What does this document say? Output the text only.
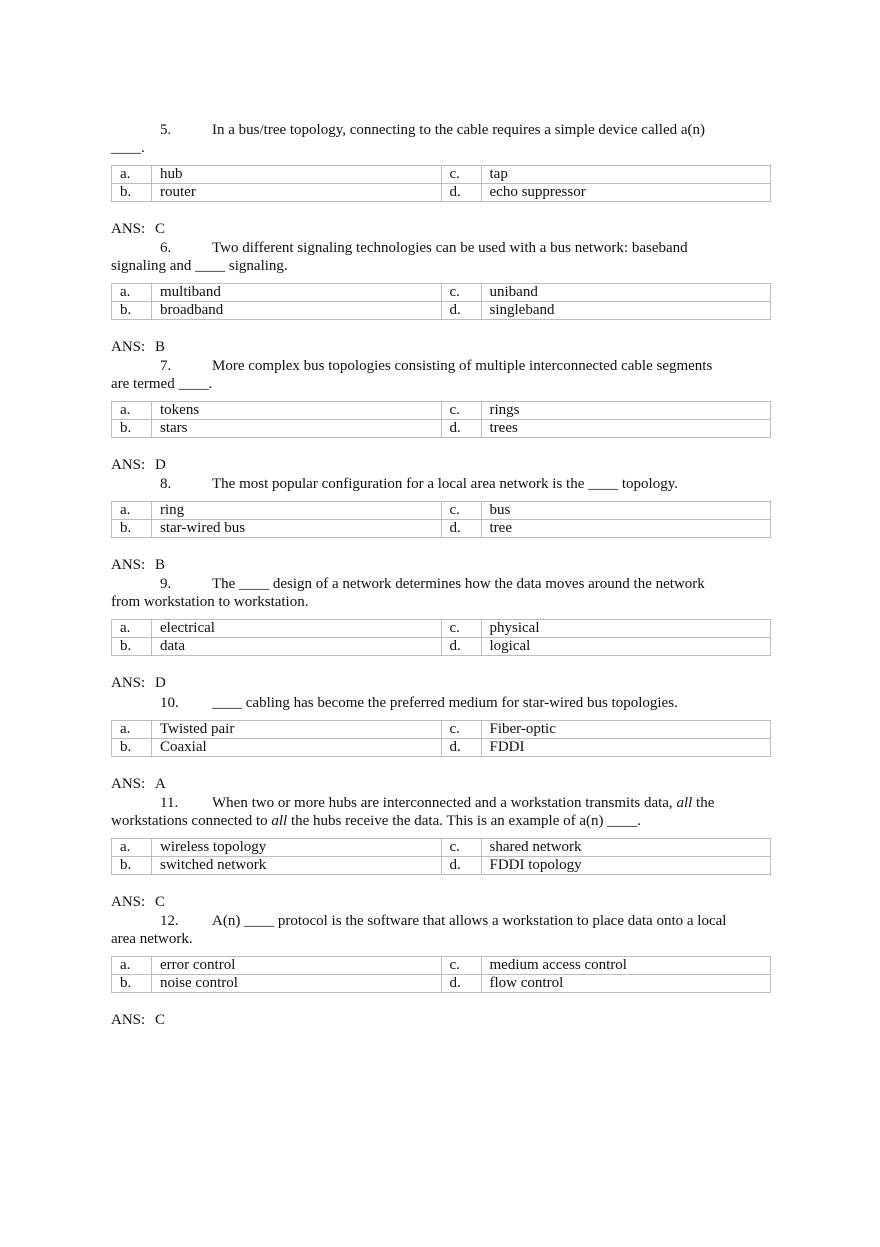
5.	In a bus/tree topology, connecting to the cable requires a simple device called a(n)
____.
a.	hub	c.	tap
b.	router	d.	echo suppressor
ANS: C
6.	Two different signaling technologies can be used with a bus network: baseband
signaling and ____ signaling.
a.	multiband	c.	uniband
b.	broadband	d.	singleband
ANS: B
7.	More complex bus topologies consisting of multiple interconnected cable segments
are termed ____.
a.	tokens	c.	rings
b.	stars	d.	trees
ANS: D
8.	The most popular configuration for a local area network is the ____ topology.
a.	ring	c.	bus
b.	star-wired bus	d.	tree
ANS: B
9.	The ____ design of a network determines how the data moves around the network
from workstation to workstation.
a.	electrical	c.	physical
b.	data	d.	logical
ANS: D
10. ____ cabling has become the preferred medium for star-wired bus topologies.
a.	Twisted pair	c.	Fiber-optic
b.	Coaxial	d.	FDDI
ANS: A
11. When two or more hubs are interconnected and a workstation transmits data, all the
workstations connected to all the hubs receive the data. This is an example of a(n) ____.
a.	wireless topology	c.	shared network
b.	switched network	d.	FDDI topology
ANS: C
12. A(n) ____ protocol is the software that allows a workstation to place data onto a local
area network.
a.	error control	c.	medium access control
b.	noise control	d.	flow control
ANS: C
